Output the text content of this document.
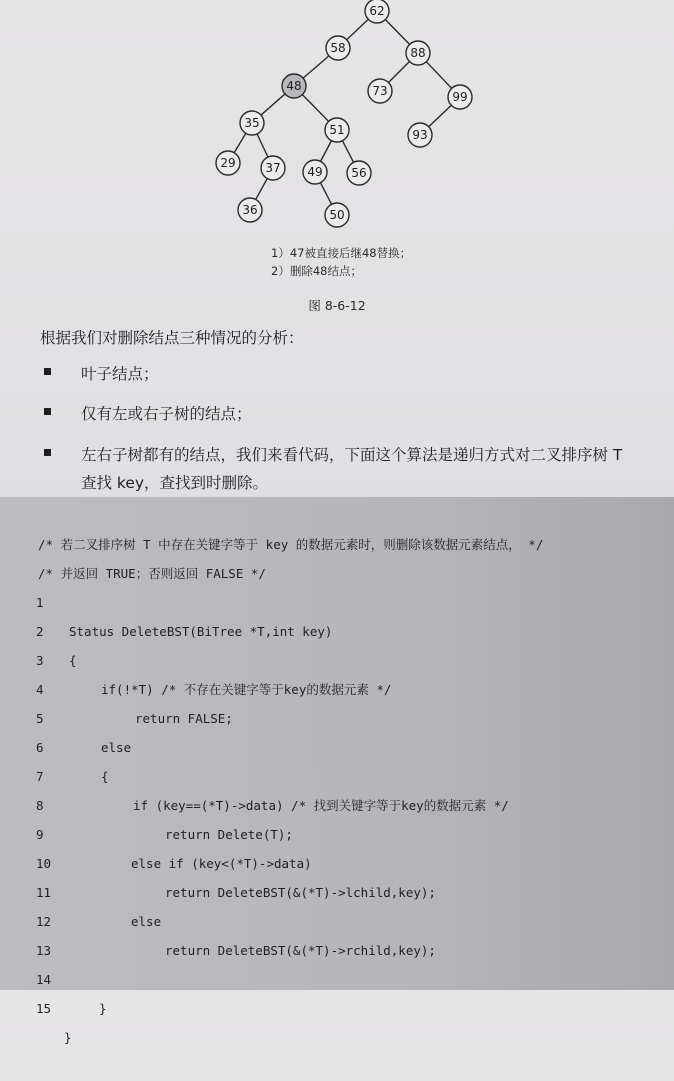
62
58	88
48	73	99
35	51	93
29 37 49 56
36	50
1）47被直接后继48替换；
2）删除48结点；
图 8-6-12
根据我们对删除结点三种情况的分析：
叶子结点；
仅有左或右子树的结点；
左右子树都有的结点，我们来看代码，下面这个算法是递归方式对二叉排序树 T
查找 key，查找到时删除。

/* 若二叉排序树 T 中存在关键字等于 key 的数据元素时，则删除该数据元素结点， */

/* 并返回 TRUE；否则返回 FALSE */

1

Status DeleteBST(BiTree *T,int key)

2

{

3

if(!*T) /* 不存在关键字等于key的数据元素 */

4

return FALSE;

5

else

6

{

7

if (key==(*T)->data) /* 找到关键字等于key的数据元素 */

8

return Delete(T);

9

else if (key<(*T)->data)

10

return DeleteBST(&(*T)->lchild,key);

11

else

12

return DeleteBST(&(*T)->rchild,key);

13

14

}

15

}
